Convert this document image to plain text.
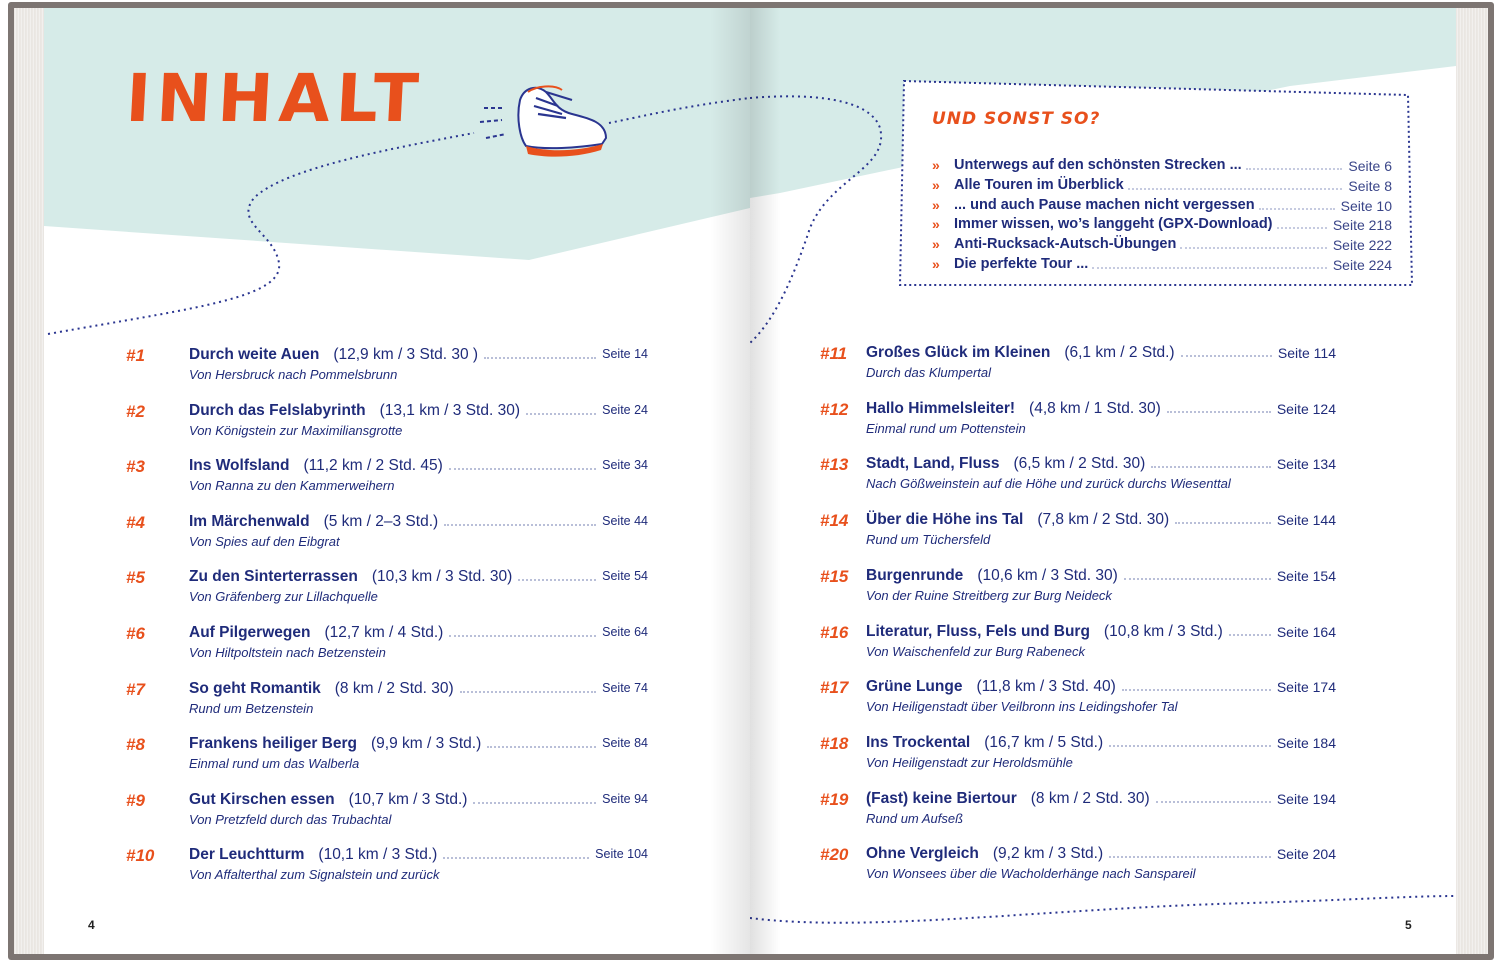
INHALT
#1	Durch weite Auen (12,9 km / 3 Std. 30 )	Seite 14
Von Hersbruck nach Pommelsbrunn
#2	Durch das Felslabyrinth (13,1 km / 3 Std. 30)	Seite 24
Von Königstein zur Maximiliansgrotte
#3	Ins Wolfsland (11,2 km / 2 Std. 45)	Seite 34
Von Ranna zu den Kammerweihern
#4	Im Märchenwald (5 km / 2–3 Std.)	Seite 44
Von Spies auf den Eibgrat
#5	Zu den Sinterterrassen (10,3 km / 3 Std. 30)	Seite 54
Von Gräfenberg zur Lillachquelle
#6	Auf Pilgerwegen (12,7 km / 4 Std.)	Seite 64
Von Hiltpoltstein nach Betzenstein
#7	So geht Romantik (8 km / 2 Std. 30)	Seite 74
Rund um Betzenstein
#8	Frankens heiliger Berg (9,9 km / 3 Std.)	Seite 84
Einmal rund um das Walberla
#9	Gut Kirschen essen (10,7 km / 3 Std.)	Seite 94
Von Pretzfeld durch das Trubachtal
#10 Der Leuchtturm (10,1 km / 3 Std.)	Seite 104
Von Affalterthal zum Signalstein und zurück
4
UND SONST SO?
» Unterwegs auf den schönsten Strecken ...	Seite 6
» Alle Touren im Überblick	Seite 8
» ... und auch Pause machen nicht vergessen	Seite 10
» Immer wissen, wo’s langgeht (GPX-Download)	Seite 218
» Anti-Rucksack-Autsch-Übungen	Seite 222
» Die perfekte Tour ...	Seite 224
#11 Großes Glück im Kleinen (6,1 km / 2 Std.)	Seite 114
Durch das Klumpertal
#12 Hallo Himmelsleiter! (4,8 km / 1 Std. 30)	Seite 124
Einmal rund um Pottenstein
#13 Stadt, Land, Fluss (6,5 km / 2 Std. 30)	Seite 134
Nach Gößweinstein auf die Höhe und zurück durchs Wiesenttal
#14 Über die Höhe ins Tal (7,8 km / 2 Std. 30)	Seite 144
Rund um Tüchersfeld
#15 Burgenrunde (10,6 km / 3 Std. 30)	Seite 154
Von der Ruine Streitberg zur Burg Neideck
#16 Literatur, Fluss, Fels und Burg (10,8 km / 3 Std.)	Seite 164
Von Waischenfeld zur Burg Rabeneck
#17 Grüne Lunge (11,8 km / 3 Std. 40)	Seite 174
Von Heiligenstadt über Veilbronn ins Leidingshofer Tal
#18 Ins Trockental (16,7 km / 5 Std.)	Seite 184
Von Heiligenstadt zur Heroldsmühle
#19 (Fast) keine Biertour (8 km / 2 Std. 30)	Seite 194
Rund um Aufseß
#20 Ohne Vergleich (9,2 km / 3 Std.)	Seite 204
Von Wonsees über die Wacholderhänge nach Sanspareil
5
